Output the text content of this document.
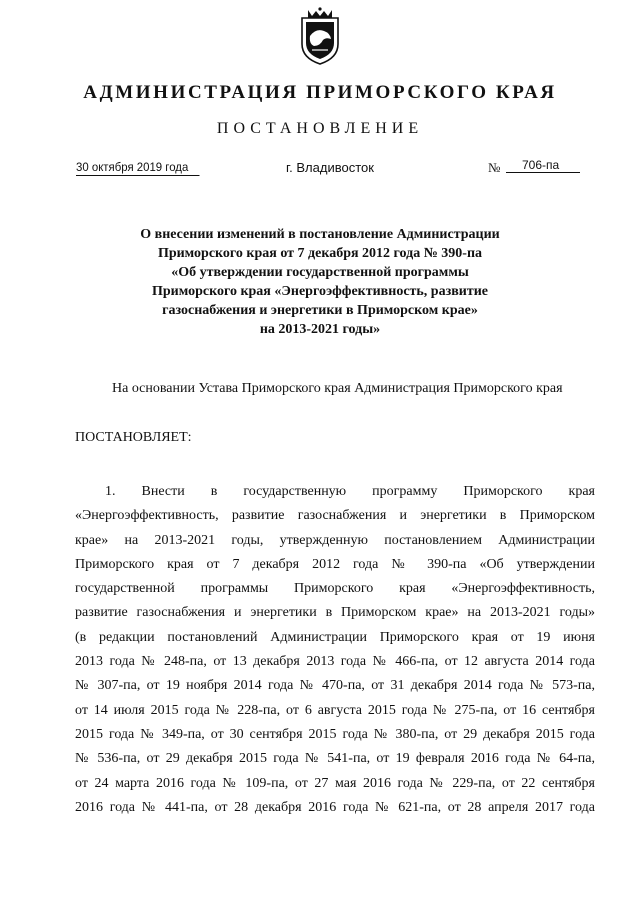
АДМИНИСТРАЦИЯ ПРИМОРСКОГО КРАЯ
ПОСТАНОВЛЕНИЕ
30 октября 2019 года	г. Владивосток	№	706-па
О внесении изменений в постановление Администрации
Приморского края от 7 декабря 2012 года № 390-па
«Об утверждении государственной программы
Приморского края «Энергоэффективность, развитие
газоснабжения и энергетики в Приморском крае»
на 2013-2021 годы»
На основании Устава Приморского края Администрация Приморского края
ПОСТАНОВЛЯЕТ:
1. Внести в государственную программу Приморского края
«Энергоэффективность, развитие газоснабжения и энергетики в Приморском
крае» на 2013-2021 годы, утвержденную постановлением Администрации
Приморского края от 7 декабря 2012 года № 390-па «Об утверждении
государственной программы Приморского края «Энергоэффективность,
развитие газоснабжения и энергетики в Приморском крае» на 2013-2021 годы»
(в редакции постановлений Администрации Приморского края от 19 июня
2013 года № 248-па, от 13 декабря 2013 года № 466-па, от 12 августа 2014 года
№ 307-па, от 19 ноября 2014 года № 470-па, от 31 декабря 2014 года № 573-па,
от 14 июля 2015 года № 228-па, от 6 августа 2015 года № 275-па, от 16 сентября
2015 года № 349-па, от 30 сентября 2015 года № 380-па, от 29 декабря 2015 года
№ 536-па, от 29 декабря 2015 года № 541-па, от 19 февраля 2016 года № 64-па,
от 24 марта 2016 года № 109-па, от 27 мая 2016 года № 229-па, от 22 сентября
2016 года № 441-па, от 28 декабря 2016 года № 621-па, от 28 апреля 2017 года
